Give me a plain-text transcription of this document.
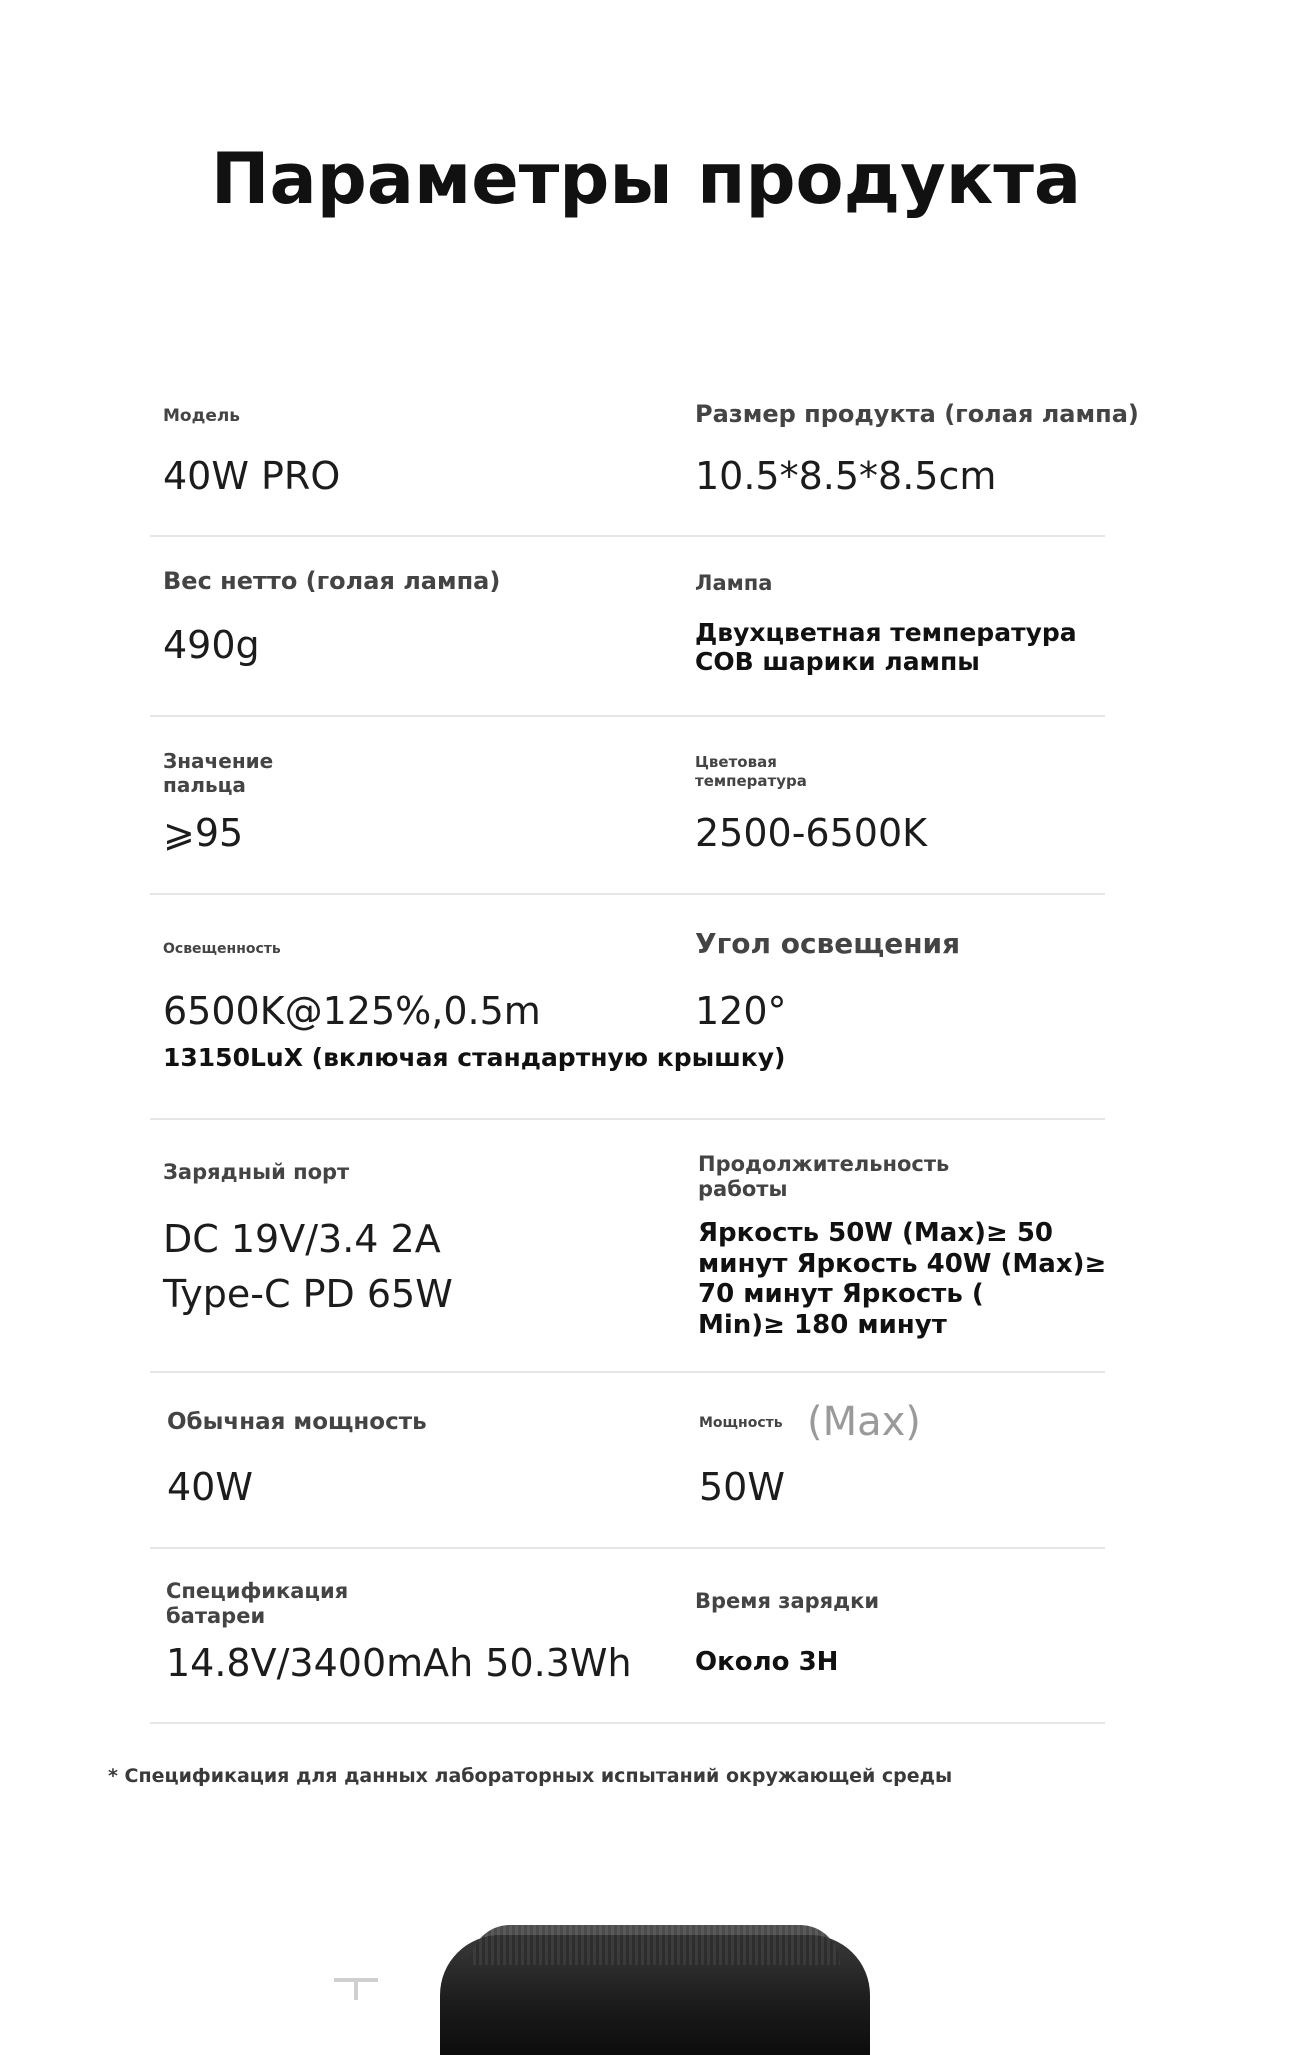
Параметры продукта
Модель
40W PRO
Размер продукта (голая лампа)
10.5*8.5*8.5cm
Вес нетто (голая лампа)
490g
Лампа
Двухцветная температура
COB шарики лампы
Значение
пальца
⩾95
Цветовая
температура
2500-6500K
Освещенность
6500K@125%,0.5m
13150LuX (включая стандартную крышку)
Угол освещения
120°
Зарядный порт
DC 19V/3.4 2A
Type-C PD 65W
Продолжительность
работы
Яркость 50W (Max)≥ 50
минут Яркость 40W (Max)≥
70 минут Яркость (
Min)≥ 180 минут
Обычная мощность
40W
Мощность (Max)
50W
Спецификация
батареи
14.8V/3400mAh 50.3Wh
Время зарядки
Около 3H
* Спецификация для данных лабораторных испытаний окружающей среды
